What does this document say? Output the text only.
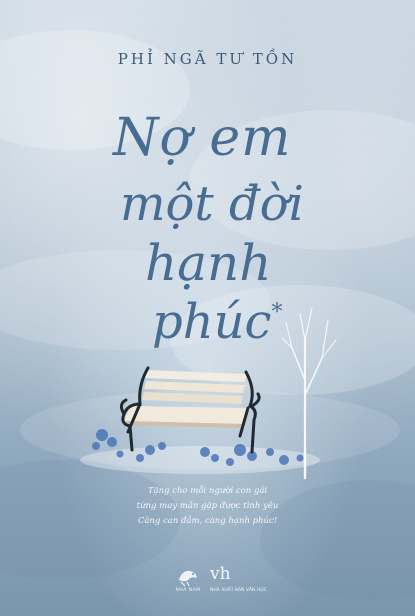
PHỈ NGÃ TƯ TỒN
Nợ em
một đời
hạnh
phúc*
Tặng cho mỗi người con gái
từng may mắn gặp được tình yêu
Càng can đảm, càng hạnh phúc!
NHÃ NAM
vh
NHÀ XUẤT BẢN VĂN HỌC
